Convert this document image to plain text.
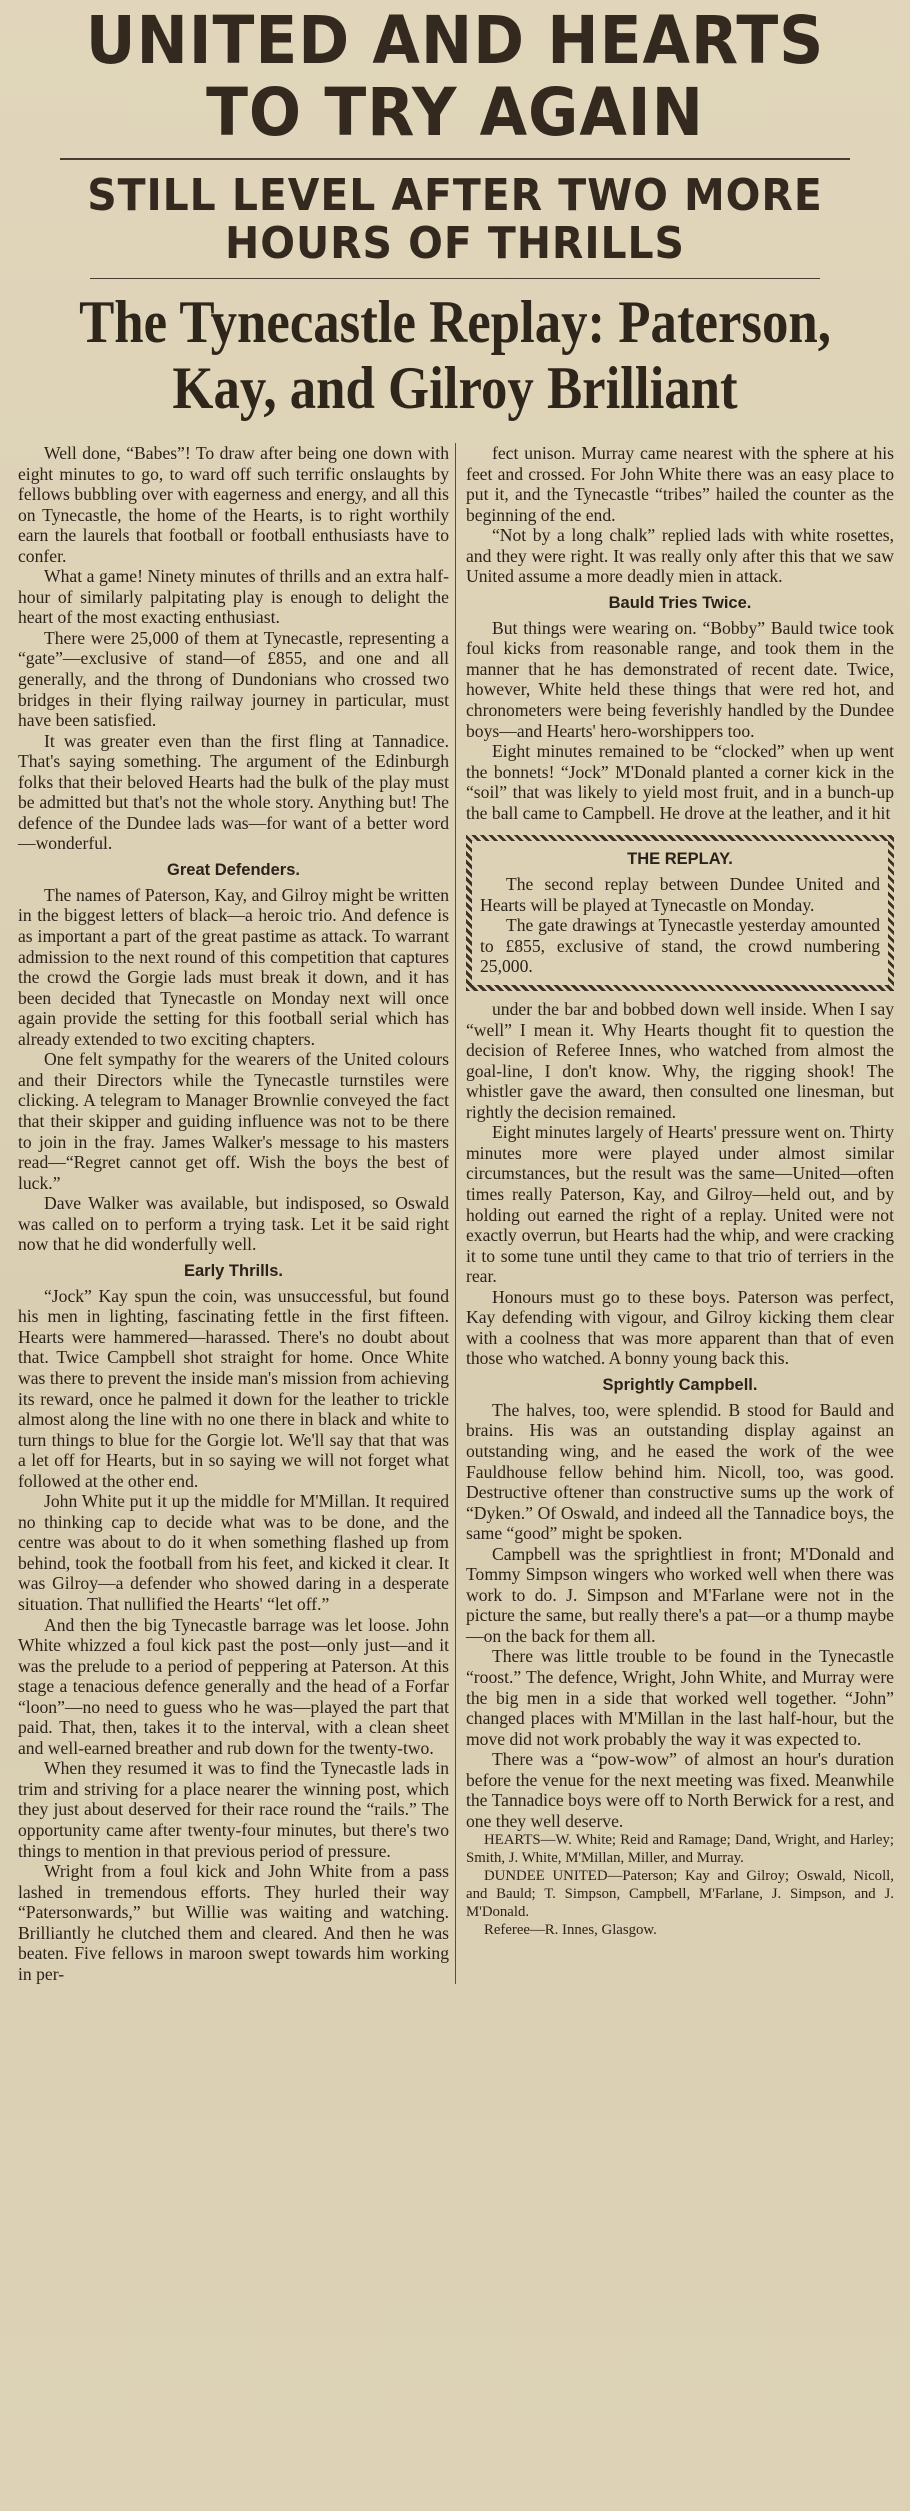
UNITED AND HEARTS
TO TRY AGAIN
STILL LEVEL AFTER TWO MORE
HOURS OF THRILLS
The Tynecastle Replay: Paterson,
Kay, and Gilroy Brilliant

Well done, “Babes”! To draw after being one down with eight minutes to go, to ward off such terrific onslaughts by fellows bubbling over with eagerness and energy, and all this on Tynecastle, the home of the Hearts, is to right worthily earn the laurels that football or football enthusiasts have to confer.

What a game! Ninety minutes of thrills and an extra half-hour of similarly palpitating play is enough to delight the heart of the most exacting enthusiast.

There were 25,000 of them at Tynecastle, representing a “gate”—exclusive of stand—of £855, and one and all generally, and the throng of Dundonians who crossed two bridges in their flying railway journey in particular, must have been satisfied.

It was greater even than the first fling at Tannadice. That's saying something. The argument of the Edinburgh folks that their beloved Hearts had the bulk of the play must be admitted but that's not the whole story. Anything but! The defence of the Dundee lads was—for want of a better word—wonderful.

Great Defenders.

The names of Paterson, Kay, and Gilroy might be written in the biggest letters of black—a heroic trio. And defence is as important a part of the great pastime as attack. To warrant admission to the next round of this competition that captures the crowd the Gorgie lads must break it down, and it has been decided that Tynecastle on Monday next will once again provide the setting for this football serial which has already extended to two exciting chapters.

One felt sympathy for the wearers of the United colours and their Directors while the Tynecastle turnstiles were clicking. A telegram to Manager Brownlie conveyed the fact that their skipper and guiding influence was not to be there to join in the fray. James Walker's message to his masters read—“Regret cannot get off. Wish the boys the best of luck.”

Dave Walker was available, but indisposed, so Oswald was called on to perform a trying task. Let it be said right now that he did wonderfully well.

Early Thrills.

“Jock” Kay spun the coin, was unsuccessful, but found his men in lighting, fascinating fettle in the first fifteen. Hearts were hammered—harassed. There's no doubt about that. Twice Campbell shot straight for home. Once White was there to prevent the inside man's mission from achieving its reward, once he palmed it down for the leather to trickle almost along the line with no one there in black and white to turn things to blue for the Gorgie lot. We'll say that that was a let off for Hearts, but in so saying we will not forget what followed at the other end.

John White put it up the middle for M'Millan. It required no thinking cap to decide what was to be done, and the centre was about to do it when something flashed up from behind, took the football from his feet, and kicked it clear. It was Gilroy—a defender who showed daring in a desperate situation. That nullified the Hearts' “let off.”

And then the big Tynecastle barrage was let loose. John White whizzed a foul kick past the post—only just—and it was the prelude to a period of peppering at Paterson. At this stage a tenacious defence generally and the head of a Forfar “loon”—no need to guess who he was—played the part that paid. That, then, takes it to the interval, with a clean sheet and well-earned breather and rub down for the twenty-two.

When they resumed it was to find the Tynecastle lads in trim and striving for a place nearer the winning post, which they just about deserved for their race round the “rails.” The opportunity came after twenty-four minutes, but there's two things to mention in that previous period of pressure.

Wright from a foul kick and John White from a pass lashed in tremendous efforts. They hurled their way “Patersonwards,” but Willie was waiting and watching. Brilliantly he clutched them and cleared. And then he was beaten. Five fellows in maroon swept towards him working in per-

fect unison. Murray came nearest with the sphere at his feet and crossed. For John White there was an easy place to put it, and the Tynecastle “tribes” hailed the counter as the beginning of the end.

“Not by a long chalk” replied lads with white rosettes, and they were right. It was really only after this that we saw United assume a more deadly mien in attack.

Bauld Tries Twice.

But things were wearing on. “Bobby” Bauld twice took foul kicks from reasonable range, and took them in the manner that he has demonstrated of recent date. Twice, however, White held these things that were red hot, and chronometers were being feverishly handled by the Dundee boys—and Hearts' hero-worshippers too.

Eight minutes remained to be “clocked” when up went the bonnets! “Jock” M'Donald planted a corner kick in the “soil” that was likely to yield most fruit, and in a bunch-up the ball came to Campbell. He drove at the leather, and it hit

THE REPLAY.

The second replay between Dundee United and Hearts will be played at Tynecastle on Monday.

The gate drawings at Tynecastle yesterday amounted to £855, exclusive of stand, the crowd numbering 25,000.

under the bar and bobbed down well inside. When I say “well” I mean it. Why Hearts thought fit to question the decision of Referee Innes, who watched from almost the goal-line, I don't know. Why, the rigging shook! The whistler gave the award, then consulted one linesman, but rightly the decision remained.

Eight minutes largely of Hearts' pressure went on. Thirty minutes more were played under almost similar circumstances, but the result was the same—United—often times really Paterson, Kay, and Gilroy—held out, and by holding out earned the right of a replay. United were not exactly overrun, but Hearts had the whip, and were cracking it to some tune until they came to that trio of terriers in the rear.

Honours must go to these boys. Paterson was perfect, Kay defending with vigour, and Gilroy kicking them clear with a coolness that was more apparent than that of even those who watched. A bonny young back this.

Sprightly Campbell.

The halves, too, were splendid. B stood for Bauld and brains. His was an outstanding display against an outstanding wing, and he eased the work of the wee Fauldhouse fellow behind him. Nicoll, too, was good. Destructive oftener than constructive sums up the work of “Dyken.” Of Oswald, and indeed all the Tannadice boys, the same “good” might be spoken.

Campbell was the sprightliest in front; M'Donald and Tommy Simpson wingers who worked well when there was work to do. J. Simpson and M'Farlane were not in the picture the same, but really there's a pat—or a thump maybe—on the back for them all.

There was little trouble to be found in the Tynecastle “roost.” The defence, Wright, John White, and Murray were the big men in a side that worked well together. “John” changed places with M'Millan in the last half-hour, but the move did not work probably the way it was expected to.

There was a “pow-wow” of almost an hour's duration before the venue for the next meeting was fixed. Meanwhile the Tannadice boys were off to North Berwick for a rest, and one they well deserve.

HEARTS—W. White; Reid and Ramage; Dand, Wright, and Harley; Smith, J. White, M'Millan, Miller, and Murray.

DUNDEE UNITED—Paterson; Kay and Gilroy; Oswald, Nicoll, and Bauld; T. Simpson, Campbell, M'Farlane, J. Simpson, and J. M'Donald.

Referee—R. Innes, Glasgow.
